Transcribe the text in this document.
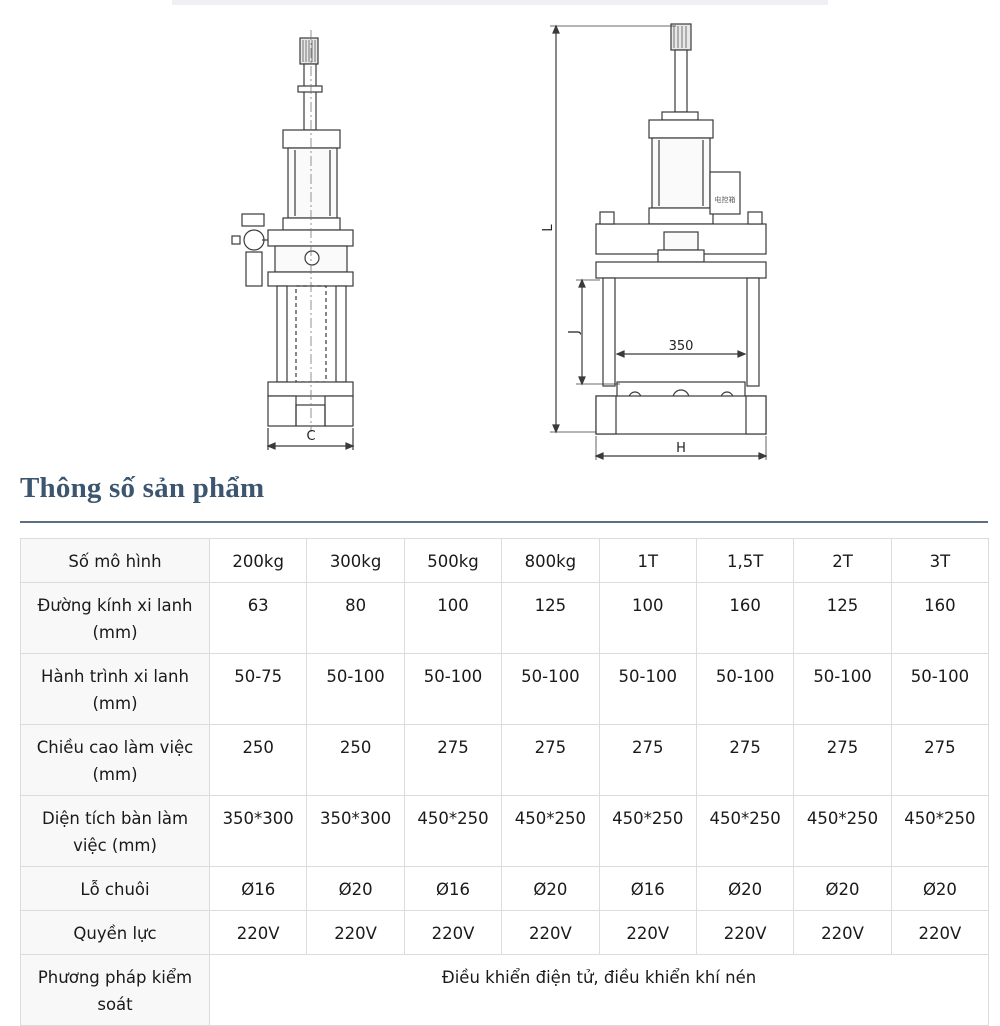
C
电控箱
L
J
350
H
Thông số sản phẩm
Số mô hình	200kg	300kg	500kg	800kg	1T	1,5T	2T	3T
Đường kính xi lanh (mm)	63	80	100	125	100	160	125	160
Hành trình xi lanh (mm)	50-75	50-100	50-100	50-100	50-100	50-100	50-100	50-100
Chiều cao làm việc (mm)	250	250	275	275	275	275	275	275
Diện tích bàn làm việc (mm)	350*300	350*300	450*250	450*250	450*250	450*250	450*250	450*250
Lỗ chuôi	Ø16	Ø20	Ø16	Ø20	Ø16	Ø20	Ø20	Ø20
Quyền lực	220V	220V	220V	220V	220V	220V	220V	220V
Phương pháp kiểm soát	Điều khiển điện tử, điều khiển khí nén							
